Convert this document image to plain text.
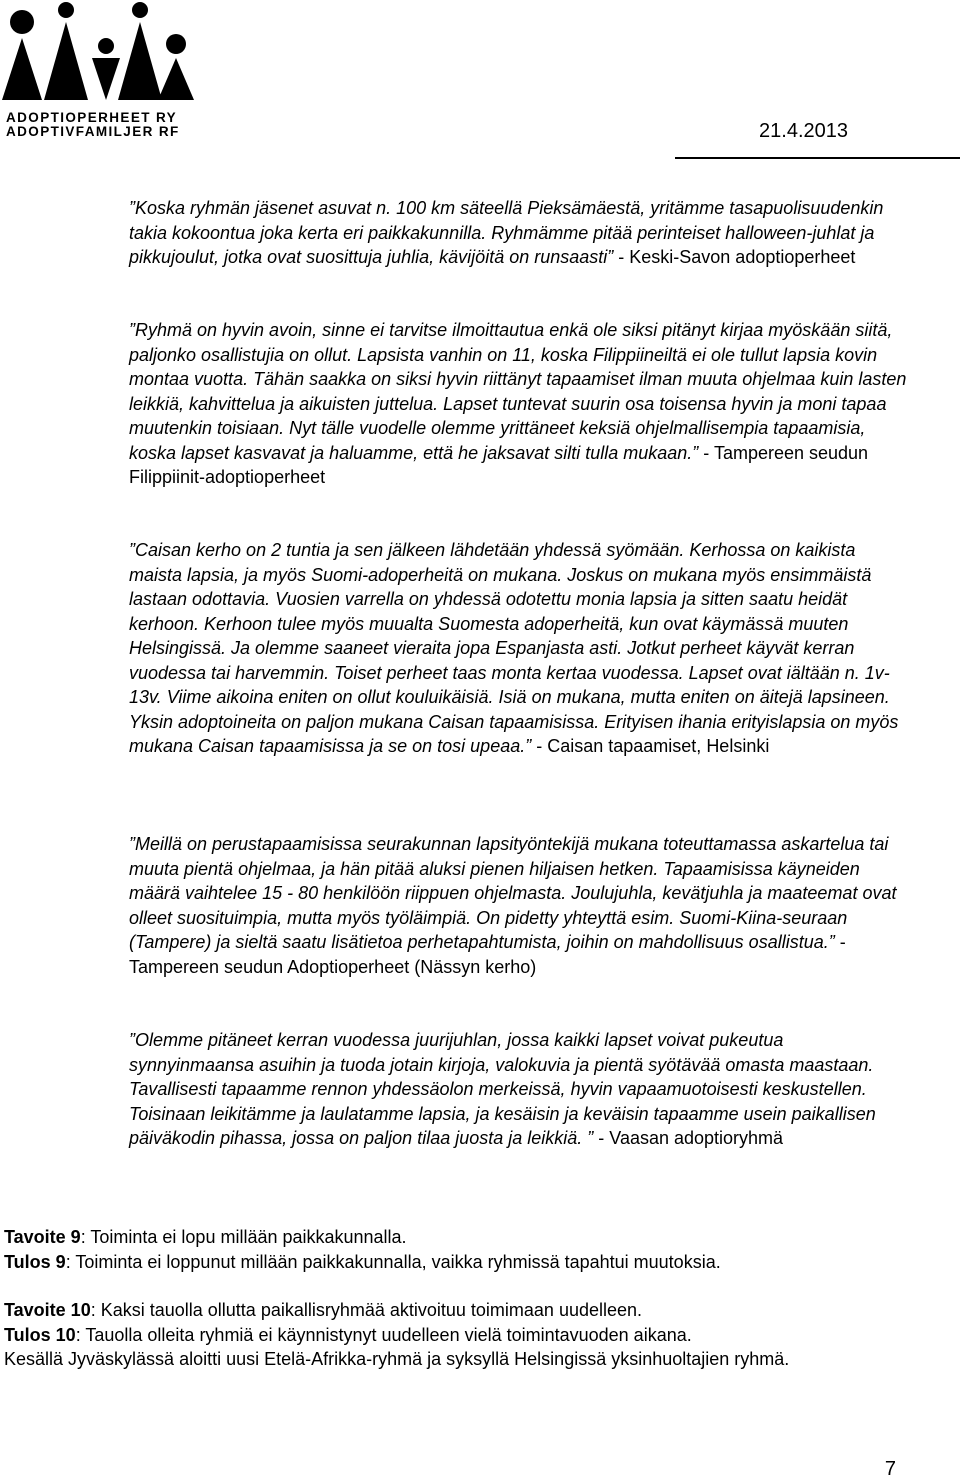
ADOPTIOPERHEET RY
ADOPTIVFAMILJER RF	21.4.2013

”Koska ryhmän jäsenet asuvat n. 100 km säteellä Pieksämäestä, yritämme tasapuolisuudenkin takia kokoontua joka kerta eri paikkakunnilla. Ryhmämme pitää perinteiset halloween-juhlat ja pikkujoulut, jotka ovat suosittuja juhlia, kävijöitä on runsaasti” - Keski-Savon adoptioperheet

”Ryhmä on hyvin avoin, sinne ei tarvitse ilmoittautua enkä ole siksi pitänyt kirjaa myöskään siitä, paljonko osallistujia on ollut. Lapsista vanhin on 11, koska Filippiineiltä ei ole tullut lapsia kovin montaa vuotta. Tähän saakka on siksi hyvin riittänyt tapaamiset ilman muuta ohjelmaa kuin lasten leikkiä, kahvittelua ja aikuisten juttelua. Lapset tuntevat suurin osa toisensa hyvin ja moni tapaa muutenkin toisiaan. Nyt tälle vuodelle olemme yrittäneet keksiä ohjelmallisempia tapaamisia, koska lapset kasvavat ja haluamme, että he jaksavat silti tulla mukaan.” - Tampereen seudun Filippiinit-adoptioperheet

”Caisan kerho on 2 tuntia ja sen jälkeen lähdetään yhdessä syömään. Kerhossa on kaikista maista lapsia, ja myös Suomi-adoperheitä on mukana. Joskus on mukana myös ensimmäistä lastaan odottavia. Vuosien varrella on yhdessä odotettu monia lapsia ja sitten saatu heidät kerhoon. Kerhoon tulee myös muualta Suomesta adoperheitä, kun ovat käymässä muuten Helsingissä. Ja olemme saaneet vieraita jopa Espanjasta asti. Jotkut perheet käyvät kerran vuodessa tai harvemmin. Toiset perheet taas monta kertaa vuodessa. Lapset ovat iältään n. 1v-13v. Viime aikoina eniten on ollut kouluikäisiä. Isiä on mukana, mutta eniten on äitejä lapsineen. Yksin adoptoineita on paljon mukana Caisan tapaamisissa. Erityisen ihania erityislapsia on myös mukana Caisan tapaamisissa ja se on tosi upeaa.” - Caisan tapaamiset, Helsinki

”Meillä on perustapaamisissa seurakunnan lapsityöntekijä mukana toteuttamassa askartelua tai muuta pientä ohjelmaa, ja hän pitää aluksi pienen hiljaisen hetken. Tapaamisissa käyneiden määrä vaihtelee 15 - 80 henkilöön riippuen ohjelmasta. Joulujuhla, kevätjuhla ja maateemat ovat olleet suosituimpia, mutta myös työläimpiä. On pidetty yhteyttä esim. Suomi-Kiina-seuraan (Tampere) ja sieltä saatu lisätietoa perhetapahtumista, joihin on mahdollisuus osallistua.” - Tampereen seudun Adoptioperheet (Nässyn kerho)

”Olemme pitäneet kerran vuodessa juurijuhlan, jossa kaikki lapset voivat pukeutua synnyinmaansa asuihin ja tuoda jotain kirjoja, valokuvia ja pientä syötävää omasta maastaan. Tavallisesti tapaamme rennon yhdessäolon merkeissä, hyvin vapaamuotoisesti keskustellen. Toisinaan leikitämme ja laulatamme lapsia, ja kesäisin ja keväisin tapaamme usein paikallisen päiväkodin pihassa, jossa on paljon tilaa juosta ja leikkiä. ” - Vaasan adoptioryhmä

Tavoite 9: Toiminta ei lopu millään paikkakunnalla.

Tulos 9: Toiminta ei loppunut millään paikkakunnalla, vaikka ryhmissä tapahtui muutoksia.

Tavoite 10: Kaksi tauolla ollutta paikallisryhmää aktivoituu toimimaan uudelleen.

Tulos 10: Tauolla olleita ryhmiä ei käynnistynyt uudelleen vielä toimintavuoden aikana.

Kesällä Jyväskylässä aloitti uusi Etelä-Afrikka-ryhmä ja syksyllä Helsingissä yksinhuoltajien ryhmä.

7
